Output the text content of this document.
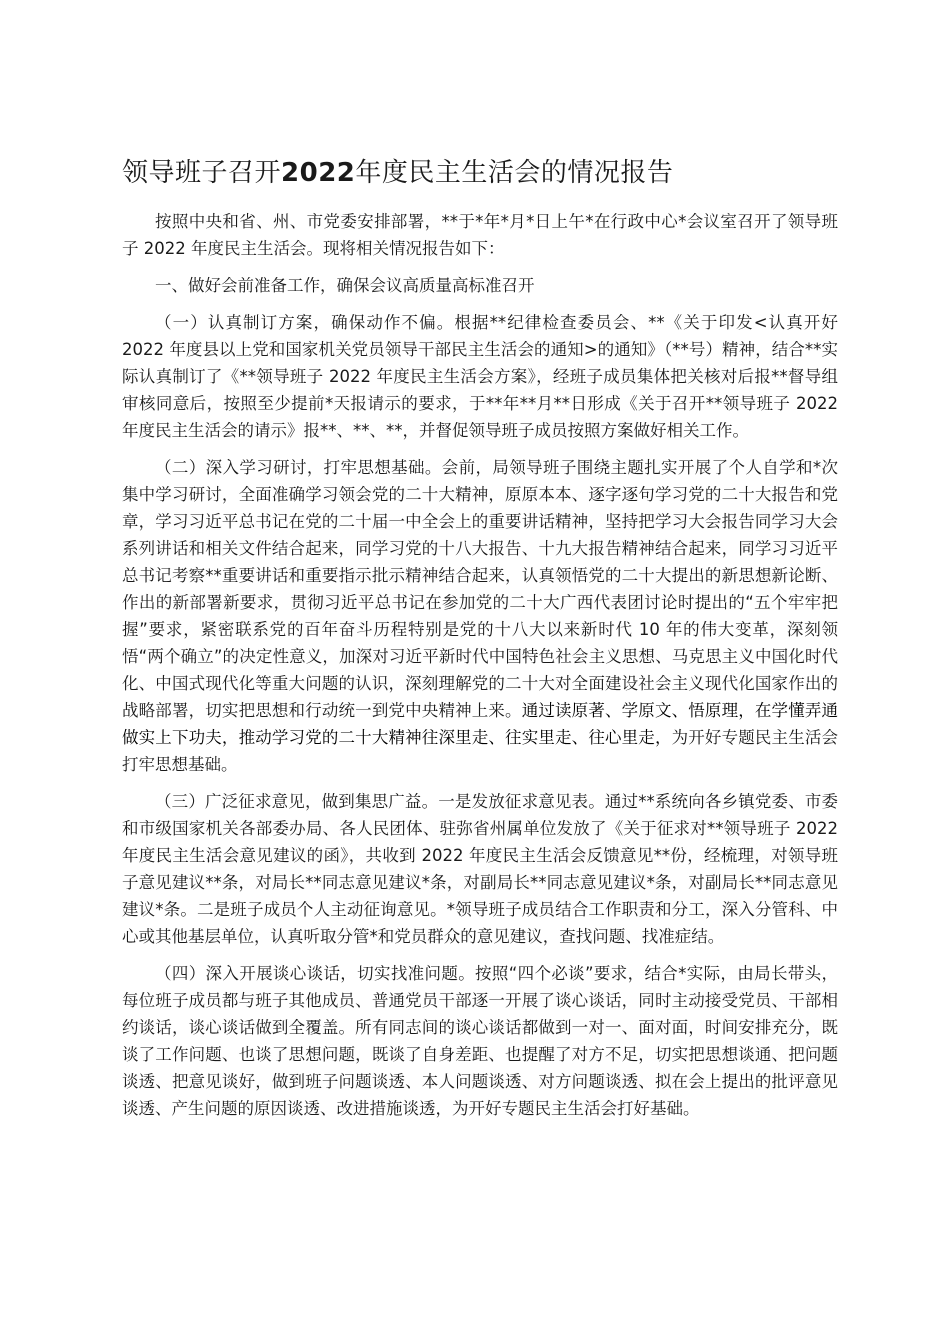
领导班子召开2022年度民主生活会的情况报告

按照中央和省、州、市党委安排部署，**于*年*月*日上午*在行政中心*会议室召开了领导班子 2022 年度民主生活会。现将相关情况报告如下：

一、做好会前准备工作，确保会议高质量高标准召开

（一）认真制订方案，确保动作不偏。根据**纪律检查委员会、**《关于印发<认真开好 2022 年度县以上党和国家机关党员领导干部民主生活会的通知>的通知》（**号）精神，结合**实际认真制订了《**领导班子 2022 年度民主生活会方案》，经班子成员集体把关核对后报**督导组审核同意后，按照至少提前*天报请示的要求，于**年**月**日形成《关于召开**领导班子 2022 年度民主生活会的请示》报**、**、**，并督促领导班子成员按照方案做好相关工作。

（二）深入学习研讨，打牢思想基础。会前，局领导班子围绕主题扎实开展了个人自学和*次集中学习研讨，全面准确学习领会党的二十大精神，原原本本、逐字逐句学习党的二十大报告和党章，学习习近平总书记在党的二十届一中全会上的重要讲话精神，坚持把学习大会报告同学习大会系列讲话和相关文件结合起来，同学习党的十八大报告、十九大报告精神结合起来，同学习习近平总书记考察**重要讲话和重要指示批示精神结合起来，认真领悟党的二十大提出的新思想新论断、作出的新部署新要求，贯彻习近平总书记在参加党的二十大广西代表团讨论时提出的“五个牢牢把握”要求，紧密联系党的百年奋斗历程特别是党的十八大以来新时代 10 年的伟大变革，深刻领悟“两个确立”的决定性意义，加深对习近平新时代中国特色社会主义思想、马克思主义中国化时代化、中国式现代化等重大问题的认识，深刻理解党的二十大对全面建设社会主义现代化国家作出的战略部署，切实把思想和行动统一到党中央精神上来。通过读原著、学原文、悟原理，在学懂弄通做实上下功夫，推动学习党的二十大精神往深里走、往实里走、往心里走，为开好专题民主生活会打牢思想基础。

（三）广泛征求意见，做到集思广益。一是发放征求意见表。通过**系统向各乡镇党委、市委和市级国家机关各部委办局、各人民团体、驻弥省州属单位发放了《关于征求对**领导班子 2022 年度民主生活会意见建议的函》，共收到 2022 年度民主生活会反馈意见**份，经梳理，对领导班子意见建议**条，对局长**同志意见建议*条，对副局长**同志意见建议*条，对副局长**同志意见建议*条。二是班子成员个人主动征询意见。*领导班子成员结合工作职责和分工，深入分管科、中心或其他基层单位，认真听取分管*和党员群众的意见建议，查找问题、找准症结。

（四）深入开展谈心谈话，切实找准问题。按照“四个必谈”要求，结合*实际，由局长带头，每位班子成员都与班子其他成员、普通党员干部逐一开展了谈心谈话，同时主动接受党员、干部相约谈话，谈心谈话做到全覆盖。所有同志间的谈心谈话都做到一对一、面对面，时间安排充分，既谈了工作问题、也谈了思想问题，既谈了自身差距、也提醒了对方不足，切实把思想谈通、把问题谈透、把意见谈好，做到班子问题谈透、本人问题谈透、对方问题谈透、拟在会上提出的批评意见谈透、产生问题的原因谈透、改进措施谈透，为开好专题民主生活会打好基础。
